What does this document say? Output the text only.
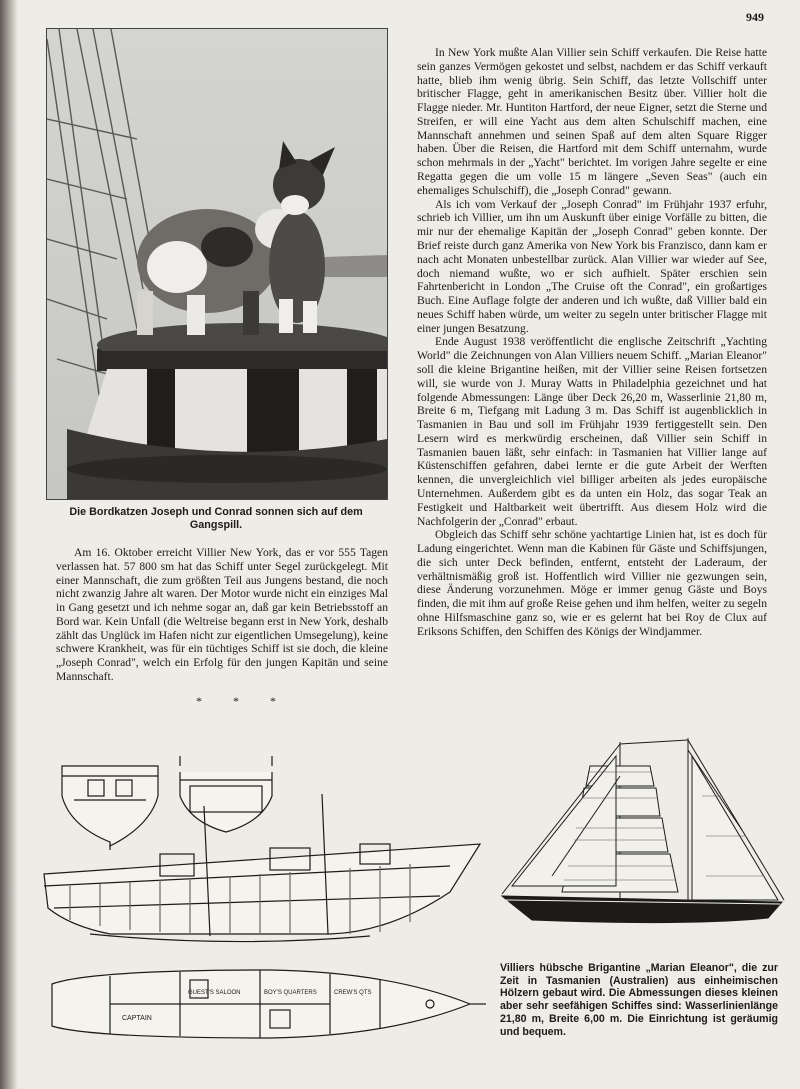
949
Die Bordkatzen Joseph und Conrad sonnen sich auf dem Gangspill.

Am 16. Oktober erreicht Villier New York, das er vor 555 Tagen verlassen hat. 57 800 sm hat das Schiff unter Segel zurückgelegt. Mit einer Mannschaft, die zum größten Teil aus Jungens bestand, die noch nicht zwanzig Jahre alt waren. Der Motor wurde nicht ein einziges Mal in Gang gesetzt und ich nehme sogar an, daß gar kein Betriebsstoff an Bord war. Kein Unfall (die Weltreise begann erst in New York, deshalb zählt das Unglück im Hafen nicht zur eigentlichen Umsegelung), keine schwere Krankheit, was für ein tüchtiges Schiff ist sie doch, die kleine „Joseph Conrad", welch ein Erfolg für den jungen Kapitän und seine Mannschaft.

* * *

In New York mußte Alan Villier sein Schiff verkaufen. Die Reise hatte sein ganzes Vermögen gekostet und selbst, nachdem er das Schiff verkauft hatte, blieb ihm wenig übrig. Sein Schiff, das letzte Vollschiff unter britischer Flagge, geht in amerikanischen Besitz über. Villier holt die Flagge nieder. Mr. Huntiton Hartford, der neue Eigner, setzt die Sterne und Streifen, er will eine Yacht aus dem alten Schulschiff machen, eine Mannschaft annehmen und seinen Spaß auf dem alten Square Rigger haben. Über die Reisen, die Hartford mit dem Schiff unternahm, wurde schon mehrmals in der „Yacht" berichtet. Im vorigen Jahre segelte er eine Regatta gegen die um volle 15 m längere „Seven Seas" (auch ein ehemaliges Schulschiff), die „Joseph Conrad" gewann.

Als ich vom Verkauf der „Joseph Conrad" im Frühjahr 1937 erfuhr, schrieb ich Villier, um ihn um Auskunft über einige Vorfälle zu bitten, die mir nur der ehemalige Kapitän der „Joseph Conrad" geben konnte. Der Brief reiste durch ganz Amerika von New York bis Franzisco, dann kam er nach acht Monaten unbestellbar zurück. Alan Villier war wieder auf See, doch niemand wußte, wo er sich aufhielt. Später erschien sein Fahrtenbericht in London „The Cruise oft the Conrad", ein großartiges Buch. Eine Auflage folgte der anderen und ich wußte, daß Villier bald ein neues Schiff haben würde, um weiter zu segeln unter britischer Flagge mit einer jungen Besatzung.

Ende August 1938 veröffentlicht die englische Zeitschrift „Yachting World" die Zeichnungen von Alan Villiers neuem Schiff. „Marian Eleanor" soll die kleine Brigantine heißen, mit der Villier seine Reisen fortsetzen will, sie wurde von J. Muray Watts in Philadelphia gezeichnet und hat folgende Abmessungen: Länge über Deck 26,20 m, Wasserlinie 21,80 m, Breite 6 m, Tiefgang mit Ladung 3 m. Das Schiff ist augenblicklich in Tasmanien in Bau und soll im Frühjahr 1939 fertiggestellt sein. Den Lesern wird es merkwürdig erscheinen, daß Villier sein Schiff in Tasmanien bauen läßt, sehr einfach: in Tasmanien hat Villier lange auf Küstenschiffen gefahren, dabei lernte er die gute Arbeit der Werften kennen, die unvergleichlich viel billiger arbeiten als jedes europäische Unternehmen. Außerdem gibt es da unten ein Holz, das sogar Teak an Festigkeit und Haltbarkeit weit übertrifft. Aus diesem Holz wird die Nachfolgerin der „Conrad" erbaut.

Obgleich das Schiff sehr schöne yachtartige Linien hat, ist es doch für Ladung eingerichtet. Wenn man die Kabinen für Gäste und Schiffsjungen, die sich unter Deck befinden, entfernt, entsteht der Laderaum, der verhältnismäßig groß ist. Hoffentlich wird Villier nie gezwungen sein, diese Änderung vorzunehmen. Möge er immer genug Gäste und Boys finden, die mit ihm auf große Reise gehen und ihm helfen, weiter zu segeln ohne Hilfsmaschine ganz so, wie er es gelernt hat bei Roy de Clux auf Eriksons Schiffen, den Schiffen des Königs der Windjammer.

CAPTAIN
GUEST'S SALOON	BOY'S QUARTERS	CREW'S QTS
Villiers hübsche Brigantine „Marian Eleanor", die zur Zeit in Tasmanien (Australien) aus einheimischen Hölzern gebaut wird. Die Abmessungen dieses kleinen aber sehr seefähigen Schiffes sind: Wasserlinienlänge 21,80 m, Breite 6,00 m. Die Einrichtung ist geräumig und bequem.
